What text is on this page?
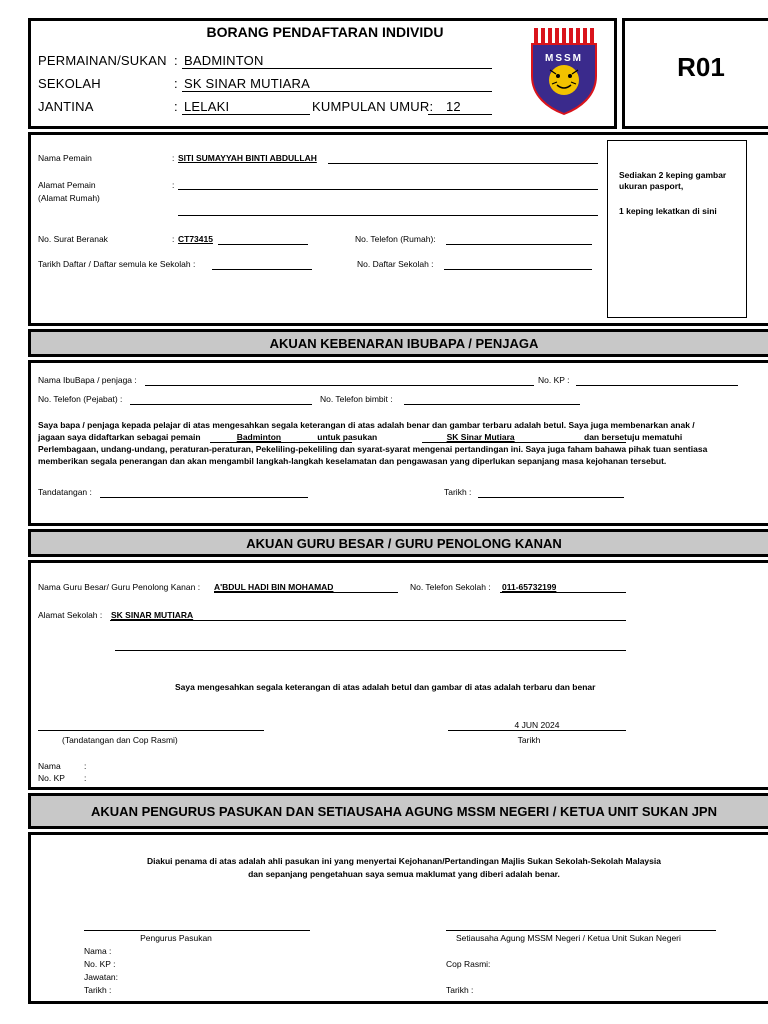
BORANG PENDAFTARAN INDIVIDU
PERMAINAN/SUKAN : BADMINTON
SEKOLAH	: SK SINAR MUTIARA
JANTINA	: LELAKI	KUMPULAN UMUR: 12
MSSM	R01
Sediakan 2 keping gambar ukuran pasport,
1 keping lekatkan di sini
Nama Pemain	: SITI SUMAYYAH BINTI ABDULLAH
Alamat Pemain
(Alamat Rumah)
:
No. Surat Beranak	: CT73415	No. Telefon (Rumah):
Tarikh Daftar / Daftar semula ke Sekolah :	No. Daftar Sekolah :
AKUAN KEBENARAN IBUBAPA / PENJAGA
Nama IbuBapa / penjaga :	No. KP :
No. Telefon (Pejabat) :	No. Telefon bimbit :
Saya bapa / penjaga kepada pelajar di atas mengesahkan segala keterangan di atas adalah benar dan gambar terbaru adalah betul. Saya juga membenarkan anak /
jagaan saya didaftarkan sebagai pemain	Badminton	untuk pasukan	SK Sinar Mutiara	dan bersetuju mematuhi
Perlembagaan, undang-undang, peraturan-peraturan, Pekeliling-pekeliling dan syarat-syarat mengenai pertandingan ini. Saya juga faham bahawa pihak tuan sentiasa
memberikan segala penerangan dan akan mengambil langkah-langkah keselamatan dan pengawasan yang diperlukan sepanjang masa kejohanan tersebut.
Tandatangan :	Tarikh :
AKUAN GURU BESAR / GURU PENOLONG KANAN
Nama Guru Besar/ Guru Penolong Kanan : A'BDUL HADI BIN MOHAMAD	No. Telefon Sekolah : 011-65732199
Alamat Sekolah : SK SINAR MUTIARA
Saya mengesahkan segala keterangan di atas adalah betul dan gambar di atas adalah terbaru dan benar
(Tandatangan dan Cop Rasmi)
4 JUN 2024
Tarikh
Nama	:
No. KP :
AKUAN PENGURUS PASUKAN DAN SETIAUSAHA AGUNG MSSM NEGERI / KETUA UNIT SUKAN JPN
Diakui penama di atas adalah ahli pasukan ini yang menyertai Kejohanan/Pertandingan Majlis Sukan Sekolah-Sekolah Malaysia
dan sepanjang pengetahuan saya semua maklumat yang diberi adalah benar.
Pengurus Pasukan
Nama :
No. KP :
Jawatan:
Tarikh :
Setiausaha Agung MSSM Negeri / Ketua Unit Sukan Negeri
Cop Rasmi:
Tarikh :
